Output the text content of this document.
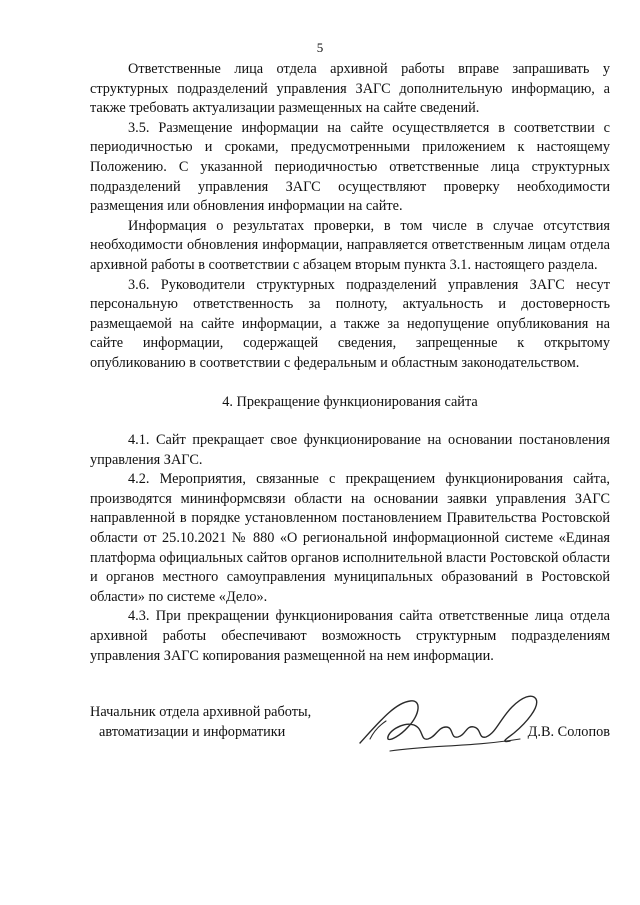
5

Ответственные лица отдела архивной работы вправе запрашивать у структурных подразделений управления ЗАГС дополнительную информацию, а также требовать актуализации размещенных на сайте сведений.

3.5. Размещение информации на сайте осуществляется в соответствии с периодичностью и сроками, предусмотренными приложением к настоящему Положению. С указанной периодичностью ответственные лица структурных подразделений управления ЗАГС осуществляют проверку необходимости размещения или обновления информации на сайте.

Информация о результатах проверки, в том числе в случае отсутствия необходимости обновления информации, направляется ответственным лицам отдела архивной работы в соответствии с абзацем вторым пункта 3.1. настоящего раздела.

3.6. Руководители структурных подразделений управления ЗАГС несут персональную ответственность за полноту, актуальность и достоверность размещаемой на сайте информации, а также за недопущение опубликования на сайте информации, содержащей сведения, запрещенные к открытому опубликованию в соответствии с федеральным и областным законодательством.

4. Прекращение функционирования сайта

4.1. Сайт прекращает свое функционирование на основании постановления управления ЗАГС.

4.2. Мероприятия, связанные с прекращением функционирования сайта, производятся мининформсвязи области на основании заявки управления ЗАГС направленной в порядке установленном постановлением Правительства Ростовской области от 25.10.2021 № 880 «О региональной информационной системе «Единая платформа официальных сайтов органов исполнительной власти Ростовской области и органов местного самоуправления муниципальных образований в Ростовской области» по системе «Дело».

4.3. При прекращении функционирования сайта ответственные лица отдела архивной работы обеспечивают возможность структурным подразделениям управления ЗАГС копирования размещенной на нем информации.

Начальник отдела архивной работы,
автоматизации и информатики	Д.В. Солопов
